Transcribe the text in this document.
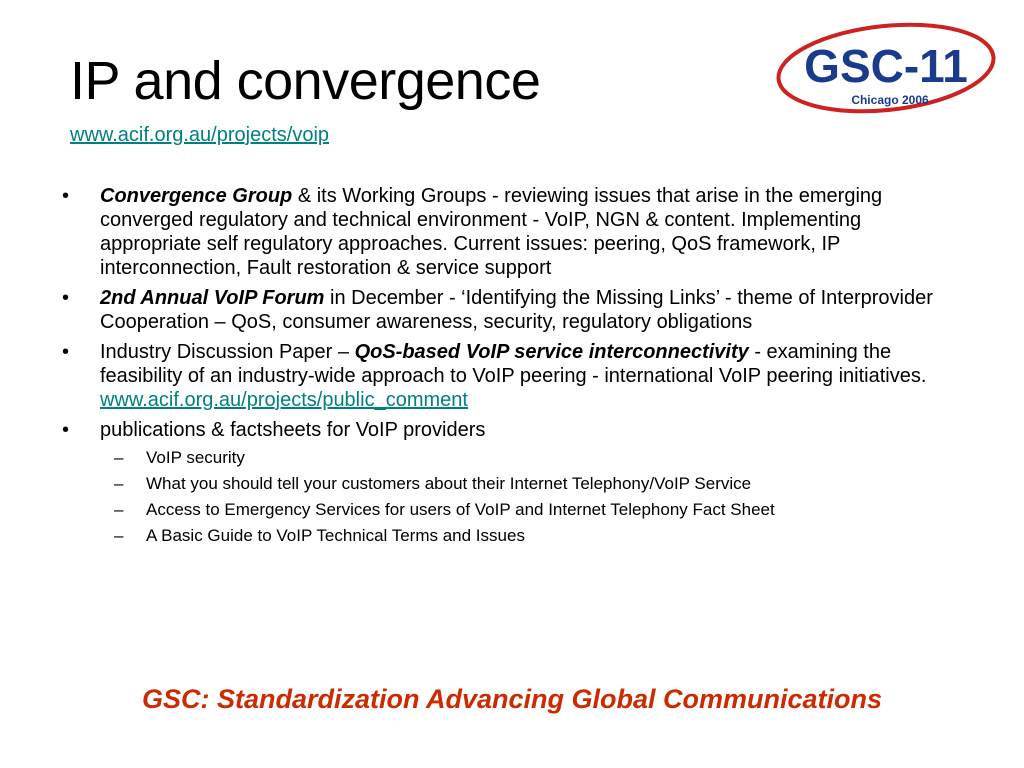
IP and convergence
www.acif.org.au/projects/voip
GSC-11
Chicago 2006
• Convergence Group & its Working Groups - reviewing issues that arise in the emerging converged regulatory and technical environment - VoIP, NGN & content. Implementing appropriate self regulatory approaches. Current issues: peering, QoS framework, IP interconnection, Fault restoration & service support
• 2nd Annual VoIP Forum in December - ‘Identifying the Missing Links’ - theme of Interprovider Cooperation – QoS, consumer awareness, security, regulatory obligations
• Industry Discussion Paper – QoS-based VoIP service interconnectivity - examining the feasibility of an industry-wide approach to VoIP peering - international VoIP peering initiatives.
www.acif.org.au/projects/public_comment
• publications & factsheets for VoIP providers
– VoIP security
– What you should tell your customers about their Internet Telephony/VoIP Service
– Access to Emergency Services for users of VoIP and Internet Telephony Fact Sheet
– A Basic Guide to VoIP Technical Terms and Issues
GSC: Standardization Advancing Global Communications
